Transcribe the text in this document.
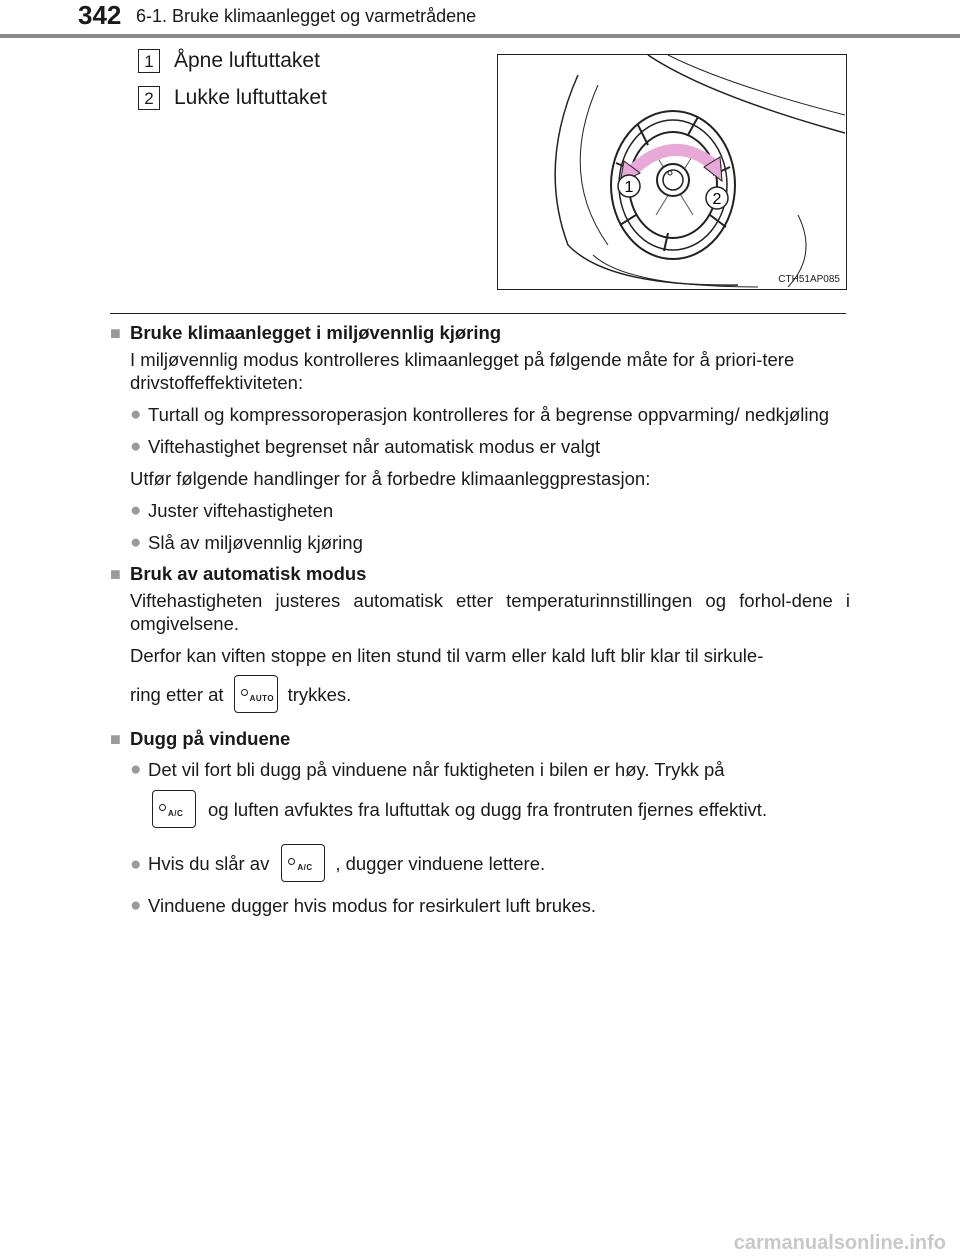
342 6-1. Bruke klimaanlegget og varmetrådene
1 Åpne luftuttaket
2 Lukke luftuttaket
1
2
CTH51AP085
■ Bruke klimaanlegget i miljøvennlig kjøring

I miljøvennlig modus kontrolleres klimaanlegget på følgende måte for å priori-tere drivstoffeffektiviteten:

● Turtall og kompressoroperasjon kontrolleres for å begrense oppvarming/ nedkjøling
● Viftehastighet begrenset når automatisk modus er valgt

Utfør følgende handlinger for å forbedre klimaanleggprestasjon:

● Juster viftehastigheten
● Slå av miljøvennlig kjøring
■ Bruk av automatisk modus

Viftehastigheten justeres automatisk etter temperaturinnstillingen og forhol-dene i omgivelsene.

Derfor kan viften stoppe en liten stund til varm eller kald luft blir klar til sirkule-

ring etter at	AUTO trykkes.
■ Dugg på vinduene
● Det vil fort bli dugg på vinduene når fuktigheten i bilen er høy. Trykk på
A/C og luften avfuktes fra luftuttak og dugg fra frontruten fjernes effektivt.
● Hvis du slår av	A/C , dugger vinduene lettere.
● Vinduene dugger hvis modus for resirkulert luft brukes.
carmanualsonline.info
